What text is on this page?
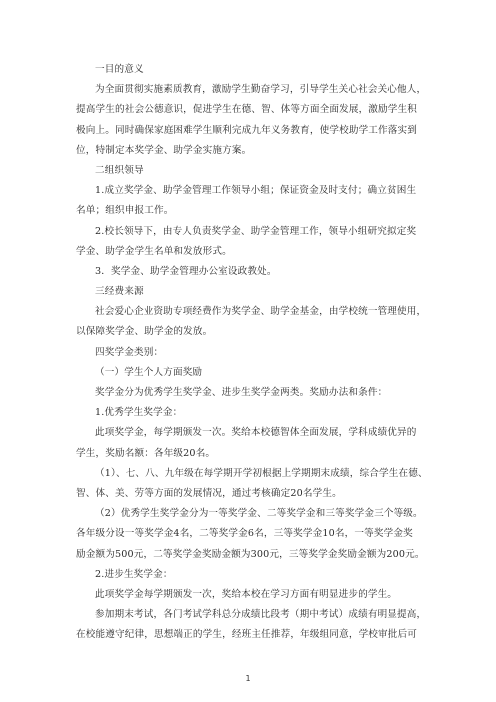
一目的意义
为全面贯彻实施素质教育，激励学生勤奋学习，引导学生关心社会关心他人，
提高学生的社会公德意识，促进学生在德、智、体等方面全面发展，激励学生积
极向上。同时确保家庭困难学生顺利完成九年义务教育，使学校助学工作落实到
位，特制定本奖学金、助学金实施方案。
二组织领导
1.成立奖学金、助学金管理工作领导小组；保证资金及时支付；确立贫困生
名单；组织申报工作。
2.校长领导下，由专人负责奖学金、助学金管理工作，领导小组研究拟定奖
学金、助学金学生名单和发放形式。
3．奖学金、助学金管理办公室设政教处。
三经费来源
社会爱心企业资助专项经费作为奖学金、助学金基金，由学校统一管理使用，
以保障奖学金、助学金的发放。
四奖学金类别：
（一）学生个人方面奖励
奖学金分为优秀学生奖学金、进步生奖学金两类。奖励办法和条件：
1.优秀学生奖学金：
此项奖学金，每学期颁发一次。奖给本校德智体全面发展，学科成绩优异的
学生，奖励名额：各年级20名。
（1）、七、八、九年级在每学期开学初根据上学期期末成绩，综合学生在德、
智、体、美、劳等方面的发展情况，通过考核确定20名学生。
（2）优秀学生奖学金分为一等奖学金、二等奖学金和三等奖学金三个等级。
各年级分设一等奖学金4名，二等奖学金6名，三等奖学金10名，一等奖学金奖
励金额为500元，二等奖学金奖励金额为300元，三等奖学金奖励金额为200元。
2.进步生奖学金：
此项奖学金每学期颁发一次，奖给本校在学习方面有明显进步的学生。
参加期末考试，各门考试学科总分成绩比段考（期中考试）成绩有明显提高，
在校能遵守纪律，思想端正的学生，经班主任推荐，年级组同意，学校审批后可
1
